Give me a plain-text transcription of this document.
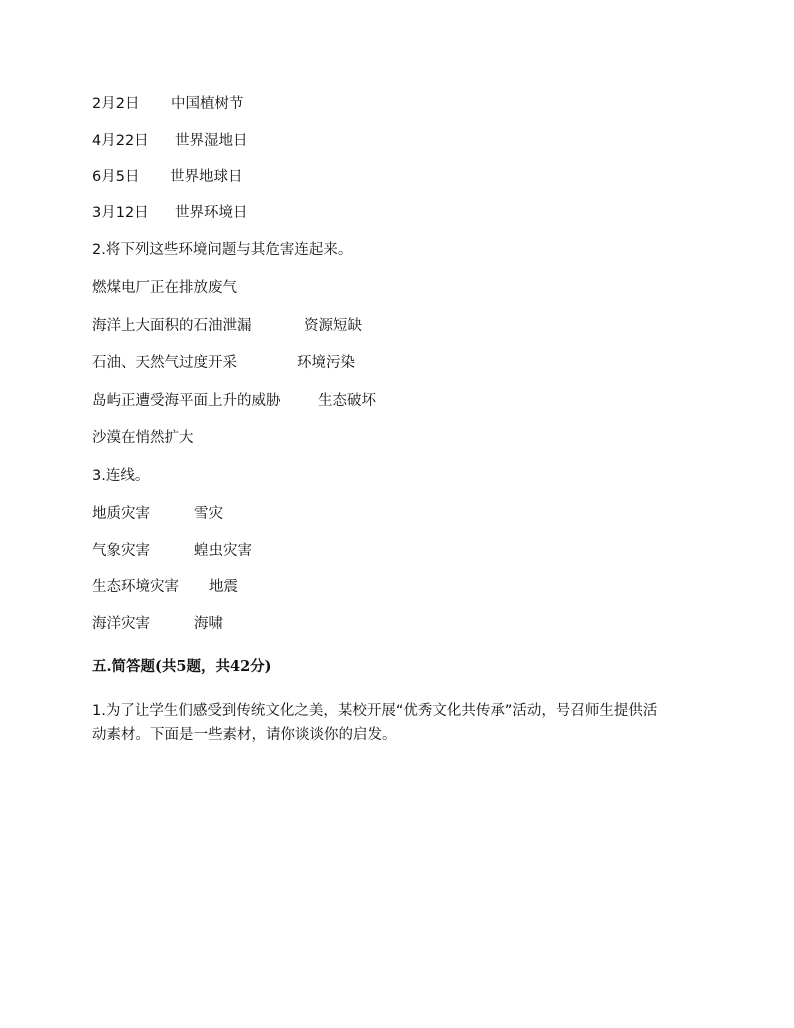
2月2日 中国植树节
4月22日 世界湿地日
6月5日 世界地球日
3月12日 世界环境日
2.将下列这些环境问题与其危害连起来。
燃煤电厂正在排放废气
海洋上大面积的石油泄漏	资源短缺
石油、天然气过度开采	环境污染
岛屿正遭受海平面上升的威胁	生态破坏
沙漠在悄然扩大
3.连线。
地质灾害	雪灾
气象灾害	蝗虫灾害
生态环境灾害 地震
海洋灾害	海啸
五.简答题(共5题，共42分)
1.为了让学生们感受到传统文化之美，某校开展“优秀文化共传承”活动，号召师生提供活
动素材。下面是一些素材，请你谈谈你的启发。
